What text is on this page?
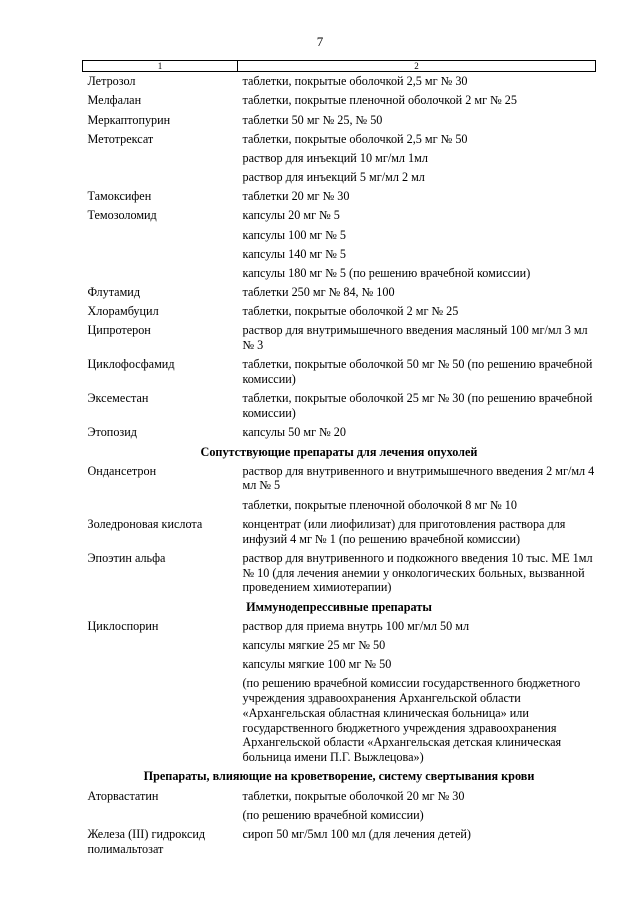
7
1	2
Летрозол	таблетки, покрытые оболочкой 2,5 мг № 30
Мелфалан	таблетки, покрытые пленочной оболочкой 2 мг № 25
Меркаптопурин	таблетки 50 мг № 25, № 50
Метотрексат	таблетки, покрытые оболочкой 2,5 мг № 50
	раствор для инъекций 10 мг/мл 1мл
	раствор для инъекций 5 мг/мл 2 мл
Тамоксифен	таблетки 20 мг № 30
Темозоломид	капсулы 20 мг № 5
	капсулы 100 мг № 5
	капсулы 140 мг № 5
	капсулы 180 мг № 5 (по решению врачебной комиссии)
Флутамид	таблетки 250 мг № 84, № 100
Хлорамбуцил	таблетки, покрытые оболочкой 2 мг № 25
Ципротерон	раствор для внутримышечного введения масляный 100 мг/мл 3 мл № 3
Циклофосфамид	таблетки, покрытые оболочкой 50 мг № 50 (по решению врачебной комиссии)
Эксеместан	таблетки, покрытые оболочкой 25 мг № 30 (по решению врачебной комиссии)
Этопозид	капсулы 50 мг № 20
Сопутствующие препараты для лечения опухолей	
Ондансетрон	раствор для внутривенного и внутримышечного введения 2 мг/мл 4 мл № 5
	таблетки, покрытые пленочной оболочкой 8 мг № 10
Золедроновая кислота	концентрат (или лиофилизат) для приготовления раствора для инфузий 4 мг № 1 (по решению врачебной комиссии)
Эпоэтин альфа	раствор для внутривенного и подкожного введения 10 тыс. МЕ 1мл № 10 (для лечения анемии у онкологических больных, вызванной проведением химиотерапии)
Иммунодепрессивные препараты	
Циклоспорин	раствор для приема внутрь 100 мг/мл 50 мл
	капсулы мягкие 25 мг № 50
	капсулы мягкие 100 мг № 50
	(по решению врачебной комиссии государственного бюджетного учреждения здравоохранения Архангельской области «Архангельская областная клиническая больница» или государственного бюджетного учреждения здравоохранения Архангельской области «Архангельская детская клиническая больница имени П.Г. Выжлецова»)
Препараты, влияющие на кроветворение, систему свертывания крови	
Аторвастатин	таблетки, покрытые оболочкой 20 мг № 30
	(по решению врачебной комиссии)
Железа (III) гидроксид полимальтозат	сироп 50 мг/5мл 100 мл (для лечения детей)
